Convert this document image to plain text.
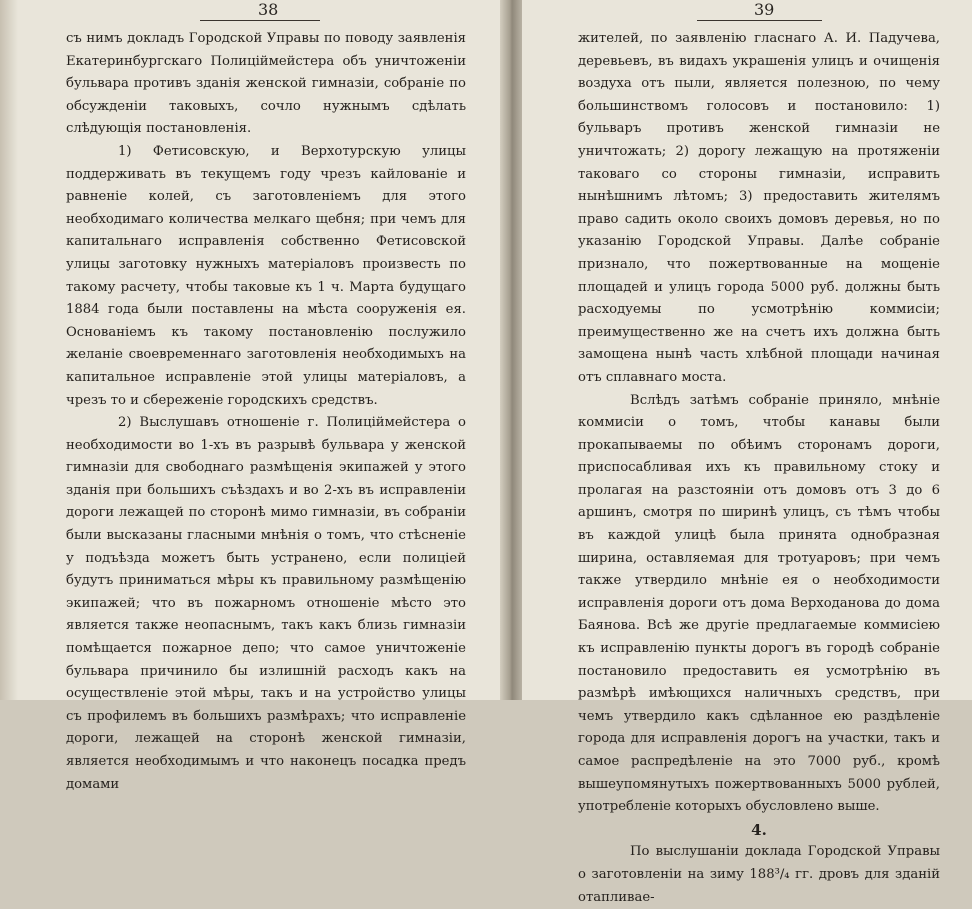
38

съ нимъ докладъ Городской Управы по поводу заявленія Екатеринбургскаго Полиціймейстера объ уничтоженіи бульвара противъ зданія женской гимназіи, собраніе по обсужденіи таковыхъ, сочло нужнымъ сдѣлать слѣдующія постановленія.

1) Фетисовскую, и Верхотурскую улицы поддерживать въ текущемъ году чрезъ кайлованіе и равненіе колей, съ заготовленіемъ для этого необходимаго количества мелкаго щебня; при чемъ для капитальнаго исправленія собственно Фетисовской улицы заготовку нужныхъ матеріаловъ произвесть по такому расчету, чтобы таковые къ 1 ч. Марта будущаго 1884 года были поставлены на мѣста сооруженія ея. Основаніемъ къ такому постановленію послужило желаніе своевременнаго заготовленія необходимыхъ на капитальное исправленіе этой улицы матеріаловъ, а чрезъ то и сбереженіе городскихъ средствъ.

2) Выслушавъ отношеніе г. Полиціймейстера о необходимости во 1-хъ въ разрывѣ бульвара у женской гимназіи для свободнаго размѣщенія экипажей у этого зданія при большихъ съѣздахъ и во 2-хъ въ исправленіи дороги лежащей по сторонѣ мимо гимназіи, въ собраніи были высказаны гласными мнѣнія о томъ, что стѣсненіе у подъѣзда можетъ быть устранено, если полиціей будутъ приниматься мѣры къ правильному размѣщенію экипажей; что въ пожарномъ отношеніе мѣсто это является также неопаснымъ, такъ какъ близь гимназіи помѣщается пожарное депо; что самое уничтоженіе бульвара причинило бы излишній расходъ какъ на осуществленіе этой мѣры, такъ и на устройство улицы съ профилемъ въ большихъ размѣрахъ; что исправленіе дороги, лежащей на сторонѣ женской гимназіи, является необходимымъ и что наконецъ посадка предъ домами

39

жителей, по заявленію гласнаго А. И. Падучева, деревьевъ, въ видахъ украшенія улицъ и очищенія воздуха отъ пыли, является полезною, по чему большинствомъ голосовъ и постановило: 1) бульваръ противъ женской гимназіи не уничтожать; 2) дорогу лежащую на протяженіи таковаго со стороны гимназіи, исправить нынѣшнимъ лѣтомъ; 3) предоставить жителямъ право садить около своихъ домовъ деревья, но по указанію Городской Управы. Далѣе собраніе признало, что пожертвованные на мощеніе площадей и улицъ города 5000 руб. должны быть расходуемы по усмотрѣнію коммисіи; преимущественно же на счетъ ихъ должна быть замощена нынѣ часть хлѣбной площади начиная отъ сплавнаго моста.

Вслѣдъ затѣмъ собраніе приняло, мнѣніе коммисіи о томъ, чтобы канавы были прокапываемы по обѣимъ сторонамъ дороги, приспосабливая ихъ къ правильному стоку и пролагая на разстояніи отъ домовъ отъ 3 до 6 аршинъ, смотря по ширинѣ улицъ, съ тѣмъ чтобы въ каждой улицѣ была принята однобразная ширина, оставляемая для тротуаровъ; при чемъ также утвердило мнѣніе ея о необходимости исправленія дороги отъ дома Верходанова до дома Баянова. Всѣ же другіе предлагаемые коммисіею къ исправленію пункты дорогъ въ городѣ собраніе постановило предоставить ея усмотрѣнію въ размѣрѣ имѣющихся наличныхъ средствъ, при чемъ утвердило какъ сдѣланное ею раздѣленіе города для исправленія дорогъ на участки, такъ и самое распредѣленіе на это 7000 руб., кромѣ вышеупомянутыхъ пожертвованныхъ 5000 рублей, употребленіе которыхъ обусловлено выше.

4.

По выслушаніи доклада Городской Управы о заготовленіи на зиму 188³/₄ гг. дровъ для зданій отапливае-
